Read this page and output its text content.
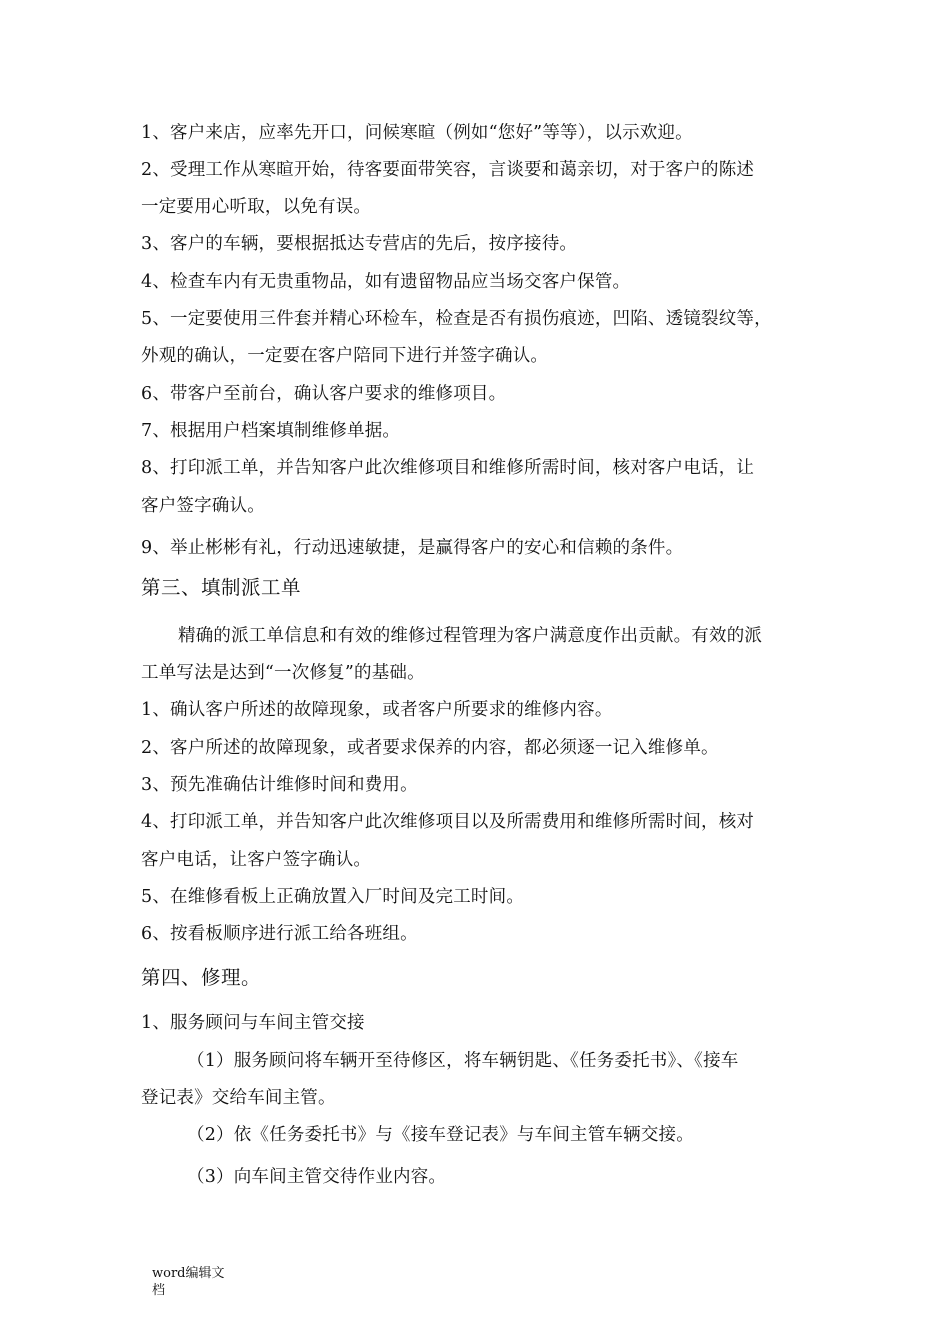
1、客户来店，应率先开口，问候寒暄（例如“您好”等等），以示欢迎。
2、受理工作从寒暄开始，待客要面带笑容，言谈要和蔼亲切，对于客户的陈述
一定要用心听取，以免有误。
3、客户的车辆，要根据抵达专营店的先后，按序接待。
4、检查车内有无贵重物品，如有遗留物品应当场交客户保管。
5、一定要使用三件套并精心环检车，检查是否有损伤痕迹，凹陷、透镜裂纹等，
外观的确认，一定要在客户陪同下进行并签字确认。
6、带客户至前台，确认客户要求的维修项目。
7、根据用户档案填制维修单据。
8、打印派工单，并告知客户此次维修项目和维修所需时间，核对客户电话，让
客户签字确认。
9、举止彬彬有礼，行动迅速敏捷，是赢得客户的安心和信赖的条件。
第三、填制派工单
精确的派工单信息和有效的维修过程管理为客户满意度作出贡献。有效的派
工单写法是达到“一次修复”的基础。
1、确认客户所述的故障现象，或者客户所要求的维修内容。
2、客户所述的故障现象，或者要求保养的内容，都必须逐一记入维修单。
3、预先准确估计维修时间和费用。
4、打印派工单，并告知客户此次维修项目以及所需费用和维修所需时间，核对
客户电话，让客户签字确认。
5、在维修看板上正确放置入厂时间及完工时间。
6、按看板顺序进行派工给各班组。
第四、修理。
1、服务顾问与车间主管交接
（1）服务顾问将车辆开至待修区，将车辆钥匙、《任务委托书》、《接车
登记表》交给车间主管。
（2）依《任务委托书》与《接车登记表》与车间主管车辆交接。
（3）向车间主管交待作业内容。
word编辑文
档
